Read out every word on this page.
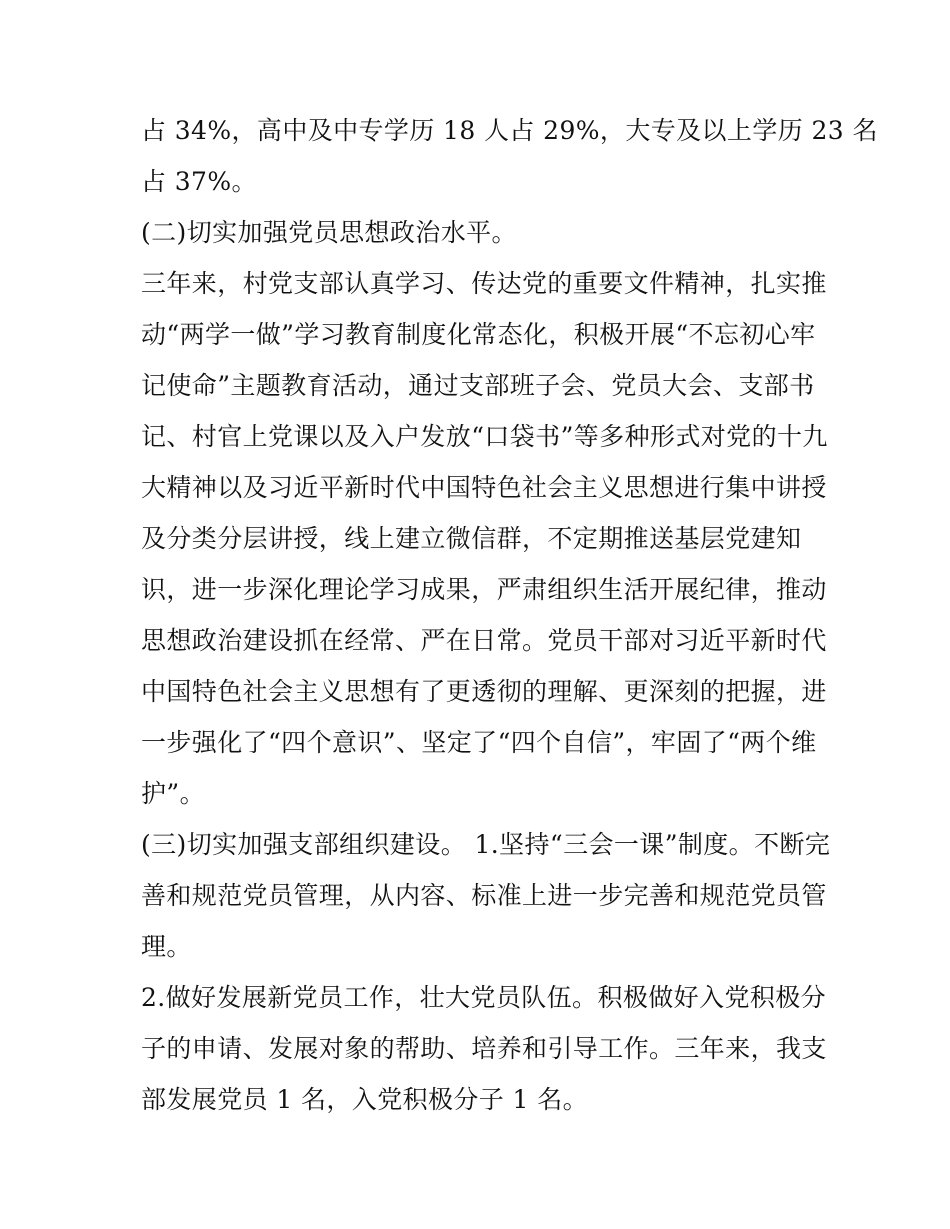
占 34%，高中及中专学历 18 人占 29%，大专及以上学历 23 名
占 37%。
(二)切实加强党员思想政治水平。
三年来，村党支部认真学习、传达党的重要文件精神，扎实推
动“两学一做”学习教育制度化常态化，积极开展“不忘初心牢
记使命”主题教育活动，通过支部班子会、党员大会、支部书
记、村官上党课以及入户发放“口袋书”等多种形式对党的十九
大精神以及习近平新时代中国特色社会主义思想进行集中讲授
及分类分层讲授，线上建立微信群，不定期推送基层党建知
识，进一步深化理论学习成果，严肃组织生活开展纪律，推动
思想政治建设抓在经常、严在日常。党员干部对习近平新时代
中国特色社会主义思想有了更透彻的理解、更深刻的把握，进
一步强化了“四个意识”、坚定了“四个自信”，牢固了“两个维
护”。
(三)切实加强支部组织建设。 1.坚持“三会一课”制度。不断完
善和规范党员管理，从内容、标准上进一步完善和规范党员管
理。
2.做好发展新党员工作，壮大党员队伍。积极做好入党积极分
子的申请、发展对象的帮助、培养和引导工作。三年来，我支
部发展党员 1 名，入党积极分子 1 名。
